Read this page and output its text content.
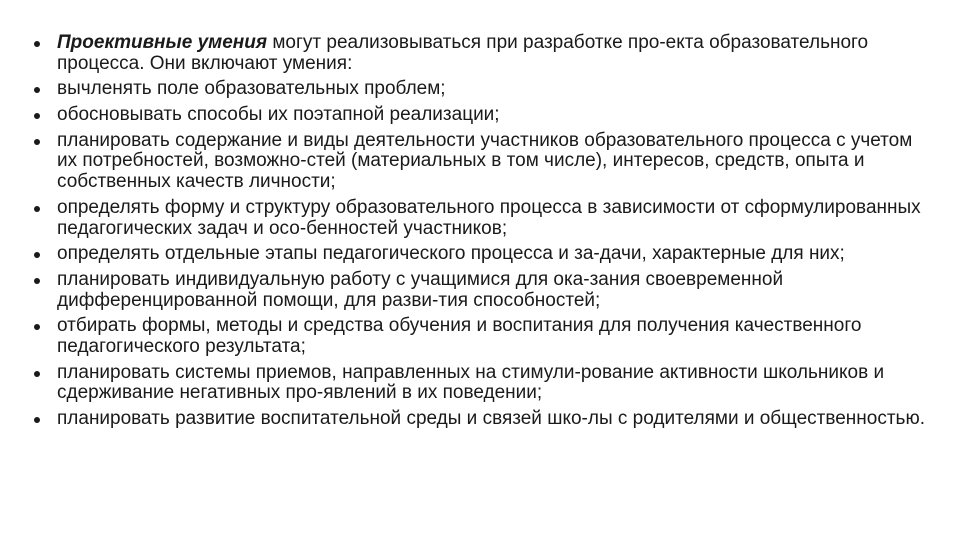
Проективные умения могут реализовываться при разработке про-екта образовательного процесса. Они включают умения:
вычленять поле образовательных проблем;
обосновывать способы их поэтапной реализации;
планировать содержание и виды деятельности участников образовательного процесса с учетом их потребностей, возможно-стей (материальных в том числе), интересов, средств, опыта и собственных качеств личности;
определять форму и структуру образовательного процесса в зависимости от сформулированных педагогических задач и осо-бенностей участников;
определять отдельные этапы педагогического процесса и за-дачи, характерные для них;
планировать индивидуальную работу с учащимися для ока-зания своевременной дифференцированной помощи, для разви-тия способностей;
отбирать формы, методы и средства обучения и воспитания для получения качественного педагогического результата;
планировать системы приемов, направленных на стимули-рование активности школьников и сдерживание негативных про-явлений в их поведении;
планировать развитие воспитательной среды и связей шко-лы с родителями и общественностью.
